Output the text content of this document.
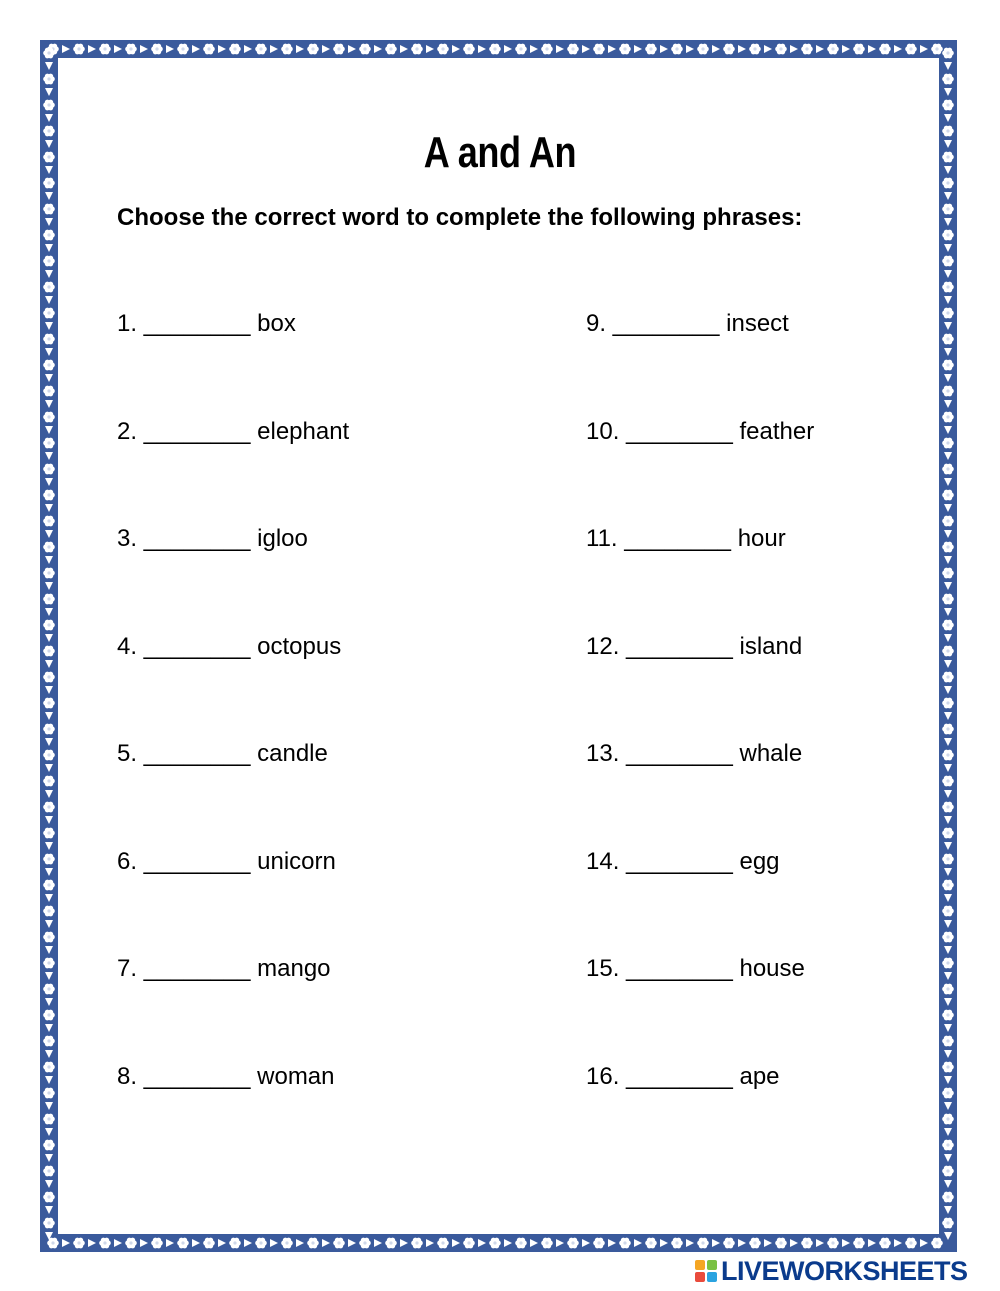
A and An
Choose the correct word to complete the following phrases:
1. ________ box
2. ________ elephant
3. ________ igloo
4. ________ octopus
5. ________ candle
6. ________ unicorn
7. ________ mango
8. ________ woman
9. ________ insect
10. ________ feather
11. ________ hour
12. ________ island
13. ________ whale
14. ________ egg
15. ________ house
16. ________ ape
LIVEWORKSHEETS
